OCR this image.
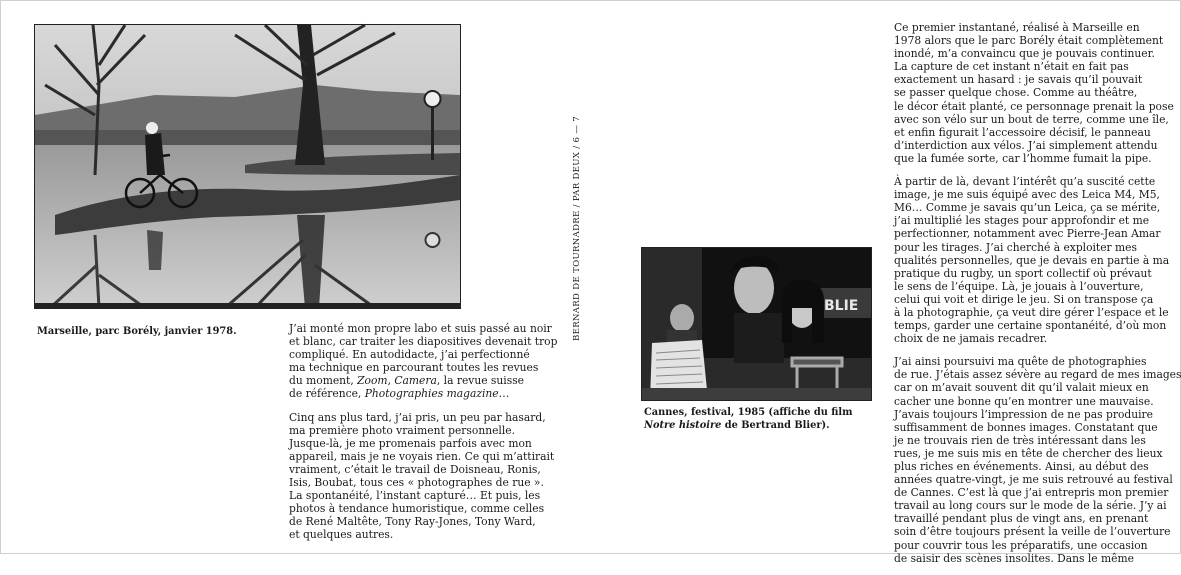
Marseille, parc Borély, janvier 1978.	J’ai monté mon propre labo et suis passé au noir
et blanc, car traiter les diapositives devenait trop
compliqué. En autodidacte, j’ai perfectionné
ma technique en parcourant toutes les revues
du moment, Zoom, Camera, la revue suisse
de référence, Photographies magazine…

Cinq ans plus tard, j’ai pris, un peu par hasard,
ma première photo vraiment personnelle.
Jusque-là, je me promenais parfois avec mon
appareil, mais je ne voyais rien. Ce qui m’attirait
vraiment, c’était le travail de Doisneau, Ronis,
Isis, Boubat, tous ces « photographes de rue ».
La spontanéité, l’instant capturé… Et puis, les
photos à tendance humoristique, comme celles
de René Maltête, Tony Ray-Jones, Tony Ward,
et quelques autres.

BERNARD DE TOURNADRE / PAR DEUX / 6 — 7
BLIE
Cannes, festival, 1985 (affiche du film
Notre histoire de Bertrand Blier).

Ce premier instantané, réalisé à Marseille en
1978 alors que le parc Borély était complètement
inondé, m’a convaincu que je pouvais continuer.
La capture de cet instant n’était en fait pas
exactement un hasard : je savais qu’il pouvait
se passer quelque chose. Comme au théâtre,
le décor était planté, ce personnage prenait la pose
avec son vélo sur un bout de terre, comme une île,
et enfin figurait l’accessoire décisif, le panneau
d’interdiction aux vélos. J’ai simplement attendu
que la fumée sorte, car l’homme fumait la pipe.

À partir de là, devant l’intérêt qu’a suscité cette
image, je me suis équipé avec des Leica M4, M5,
M6… Comme je savais qu’un Leica, ça se mérite,
j’ai multiplié les stages pour approfondir et me
perfectionner, notamment avec Pierre-Jean Amar
pour les tirages. J’ai cherché à exploiter mes
qualités personnelles, que je devais en partie à ma
pratique du rugby, un sport collectif où prévaut
le sens de l’équipe. Là, je jouais à l’ouverture,
celui qui voit et dirige le jeu. Si on transpose ça
à la photographie, ça veut dire gérer l’espace et le
temps, garder une certaine spontanéité, d’où mon
choix de ne jamais recadrer.

J’ai ainsi poursuivi ma quête de photographies
de rue. J’étais assez sévère au regard de mes images
car on m’avait souvent dit qu’il valait mieux en
cacher une bonne qu’en montrer une mauvaise.
J’avais toujours l’impression de ne pas produire
suffisamment de bonnes images. Constatant que
je ne trouvais rien de très intéressant dans les
rues, je me suis mis en tête de chercher des lieux
plus riches en événements. Ainsi, au début des
années quatre-vingt, je me suis retrouvé au festival
de Cannes. C’est là que j’ai entrepris mon premier
travail au long cours sur le mode de la série. J’y ai
travaillé pendant plus de vingt ans, en prenant
soin d’être toujours présent la veille de l’ouverture
pour couvrir tous les préparatifs, une occasion
de saisir des scènes insolites. Dans le même
